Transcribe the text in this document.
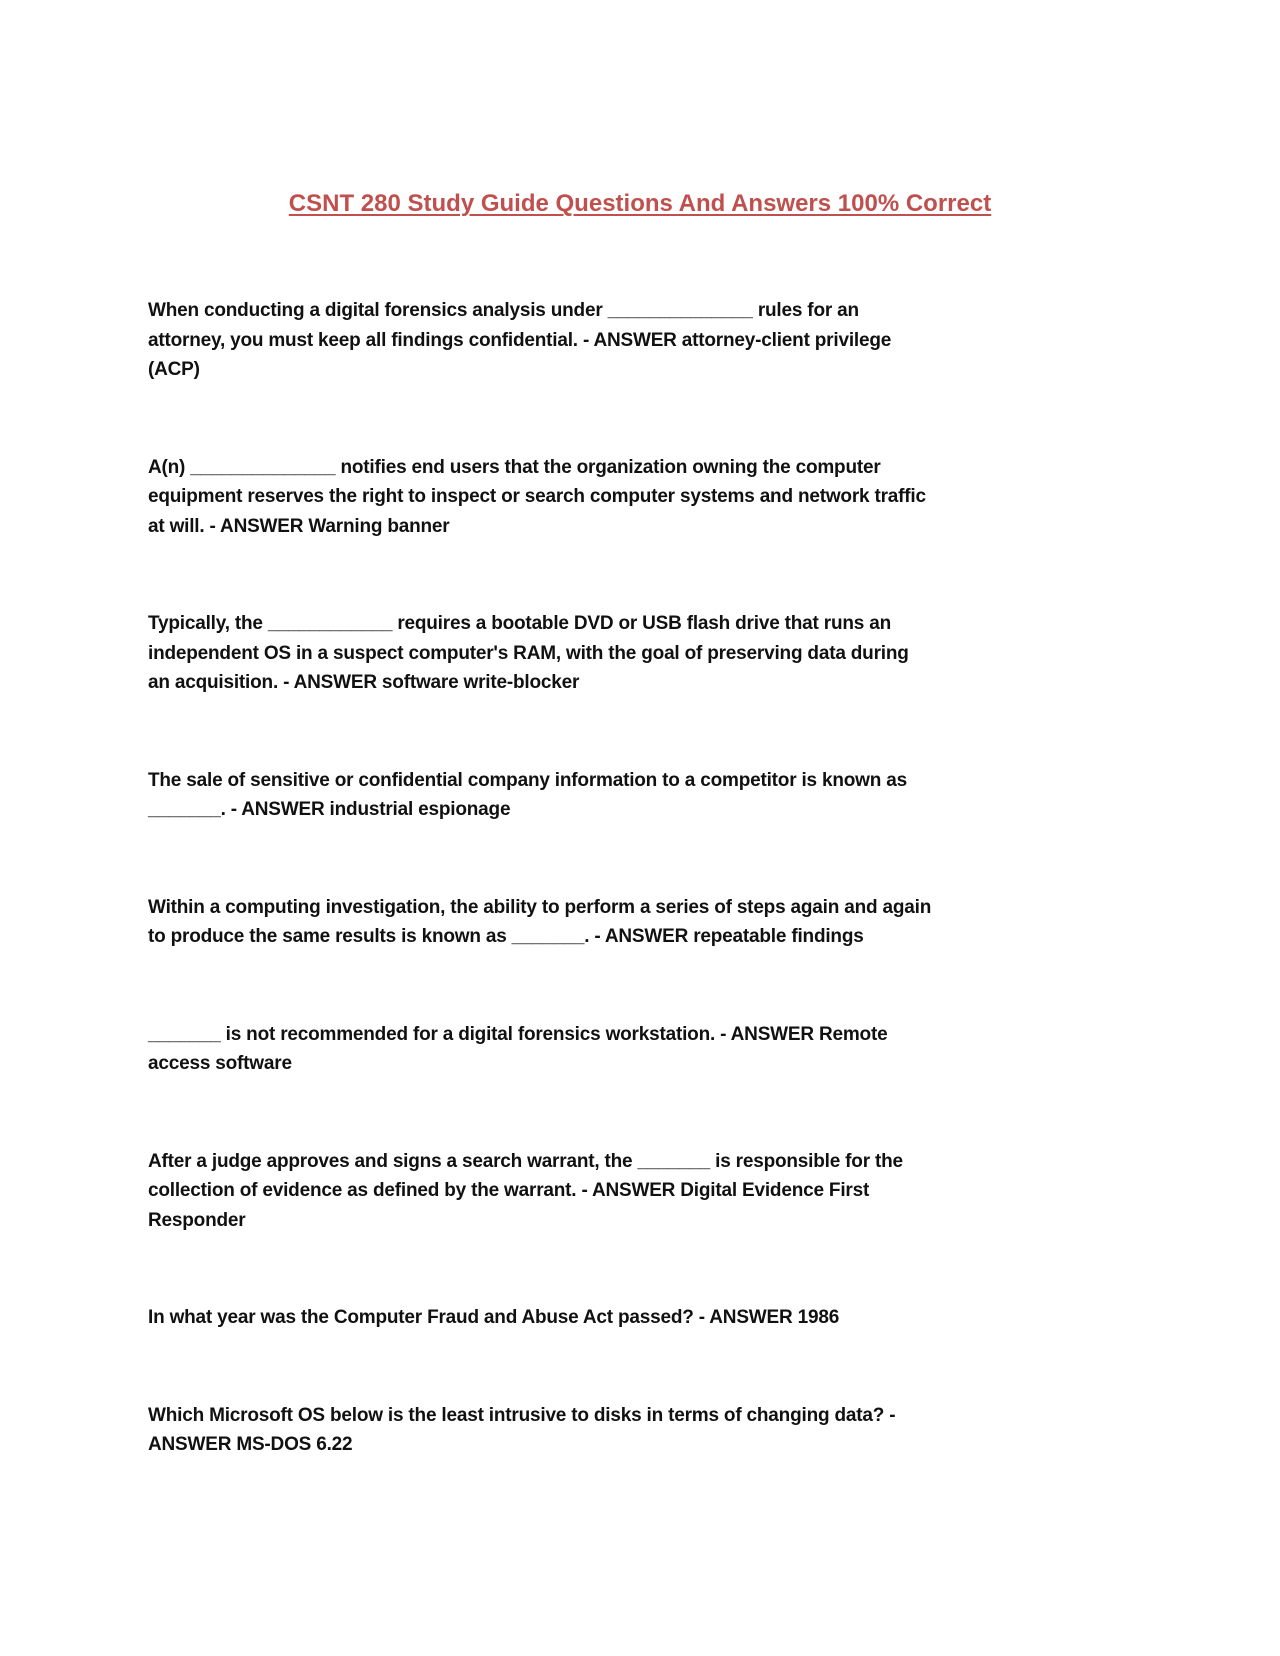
CSNT 280 Study Guide Questions And Answers 100% Correct
When conducting a digital forensics analysis under ______________ rules for an
attorney, you must keep all findings confidential. - ANSWER attorney-client privilege
(ACP)
A(n) ______________ notifies end users that the organization owning the computer
equipment reserves the right to inspect or search computer systems and network traffic
at will. - ANSWER Warning banner
Typically, the ____________ requires a bootable DVD or USB flash drive that runs an
independent OS in a suspect computer's RAM, with the goal of preserving data during
an acquisition. - ANSWER software write-blocker
The sale of sensitive or confidential company information to a competitor is known as
_______. - ANSWER industrial espionage
Within a computing investigation, the ability to perform a series of steps again and again
to produce the same results is known as _______. - ANSWER repeatable findings
_______ is not recommended for a digital forensics workstation. - ANSWER Remote
access software
After a judge approves and signs a search warrant, the _______ is responsible for the
collection of evidence as defined by the warrant. - ANSWER Digital Evidence First
Responder
In what year was the Computer Fraud and Abuse Act passed? - ANSWER 1986
Which Microsoft OS below is the least intrusive to disks in terms of changing data? -
ANSWER MS-DOS 6.22
